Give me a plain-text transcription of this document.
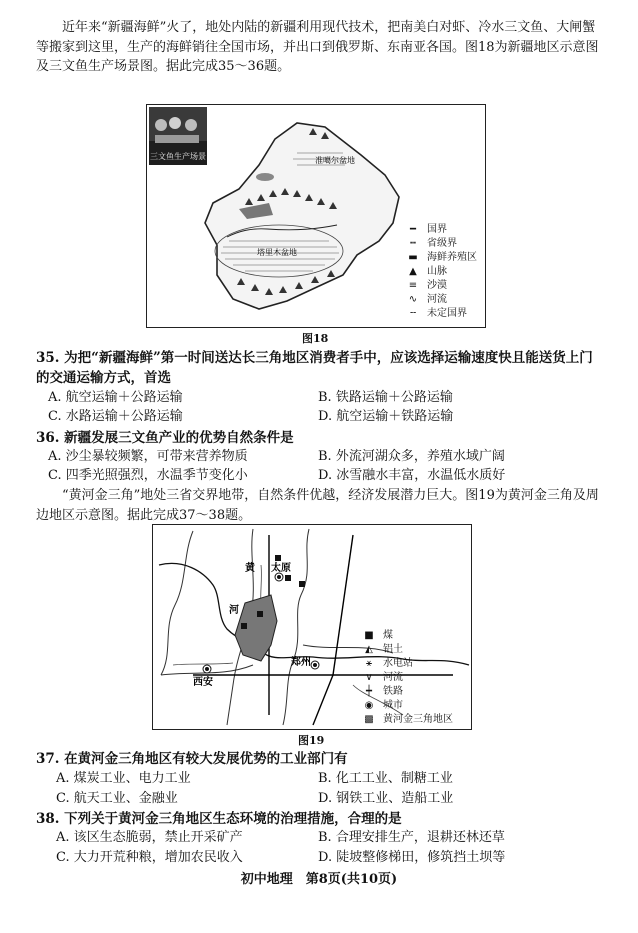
近年来“新疆海鲜”火了，地处内陆的新疆利用现代技术，把南美白对虾、冷水三文鱼、大闸蟹等搬家到这里，生产的海鲜销往全国市场，并出口到俄罗斯、东南亚各国。图18为新疆地区示意图及三文鱼生产场景图。据此完成35～36题。
三文鱼生产场景	准噶尔盆地
塔里木盆地
━	国界
┅	省级界
▬ 海鲜养殖区
▲	山脉
≡ 沙漠
∿ 河流
╌	未定国界
图18
35. 为把“新疆海鲜”第一时间送达长三角地区消费者手中，应该选择运输速度快且能送货上门的交通运输方式，首选
A. 航空运输＋公路运输	B. 铁路运输＋公路运输
C. 水路运输＋公路运输	D. 航空运输＋铁路运输
36. 新疆发展三文鱼产业的优势自然条件是
A. 沙尘暴较频繁，可带来营养物质	B. 外流河湖众多，养殖水域广阔
C. 四季光照强烈，水温季节变化小	D. 冰雪融水丰富，水温低水质好
“黄河金三角”地处三省交界地带，自然条件优越，经济发展潜力巨大。图19为黄河金三角及周边地区示意图。据此完成37～38题。
黄
河
太原
郑州
西安
■ 煤
◭	铝土
⚹	水电站
∨	河流
┿	铁路
◉ 城市
▩ 黄河金三角地区
图19
37. 在黄河金三角地区有较大发展优势的工业部门有
A. 煤炭工业、电力工业	B. 化工工业、制糖工业
C. 航天工业、金融业	D. 钢铁工业、造船工业
38. 下列关于黄河金三角地区生态环境的治理措施，合理的是
A. 该区生态脆弱，禁止开采矿产	B. 合理安排生产，退耕还林还草
C. 大力开荒种粮，增加农民收入	D. 陡坡整修梯田，修筑挡土坝等
初中地理　第8页(共10页)
